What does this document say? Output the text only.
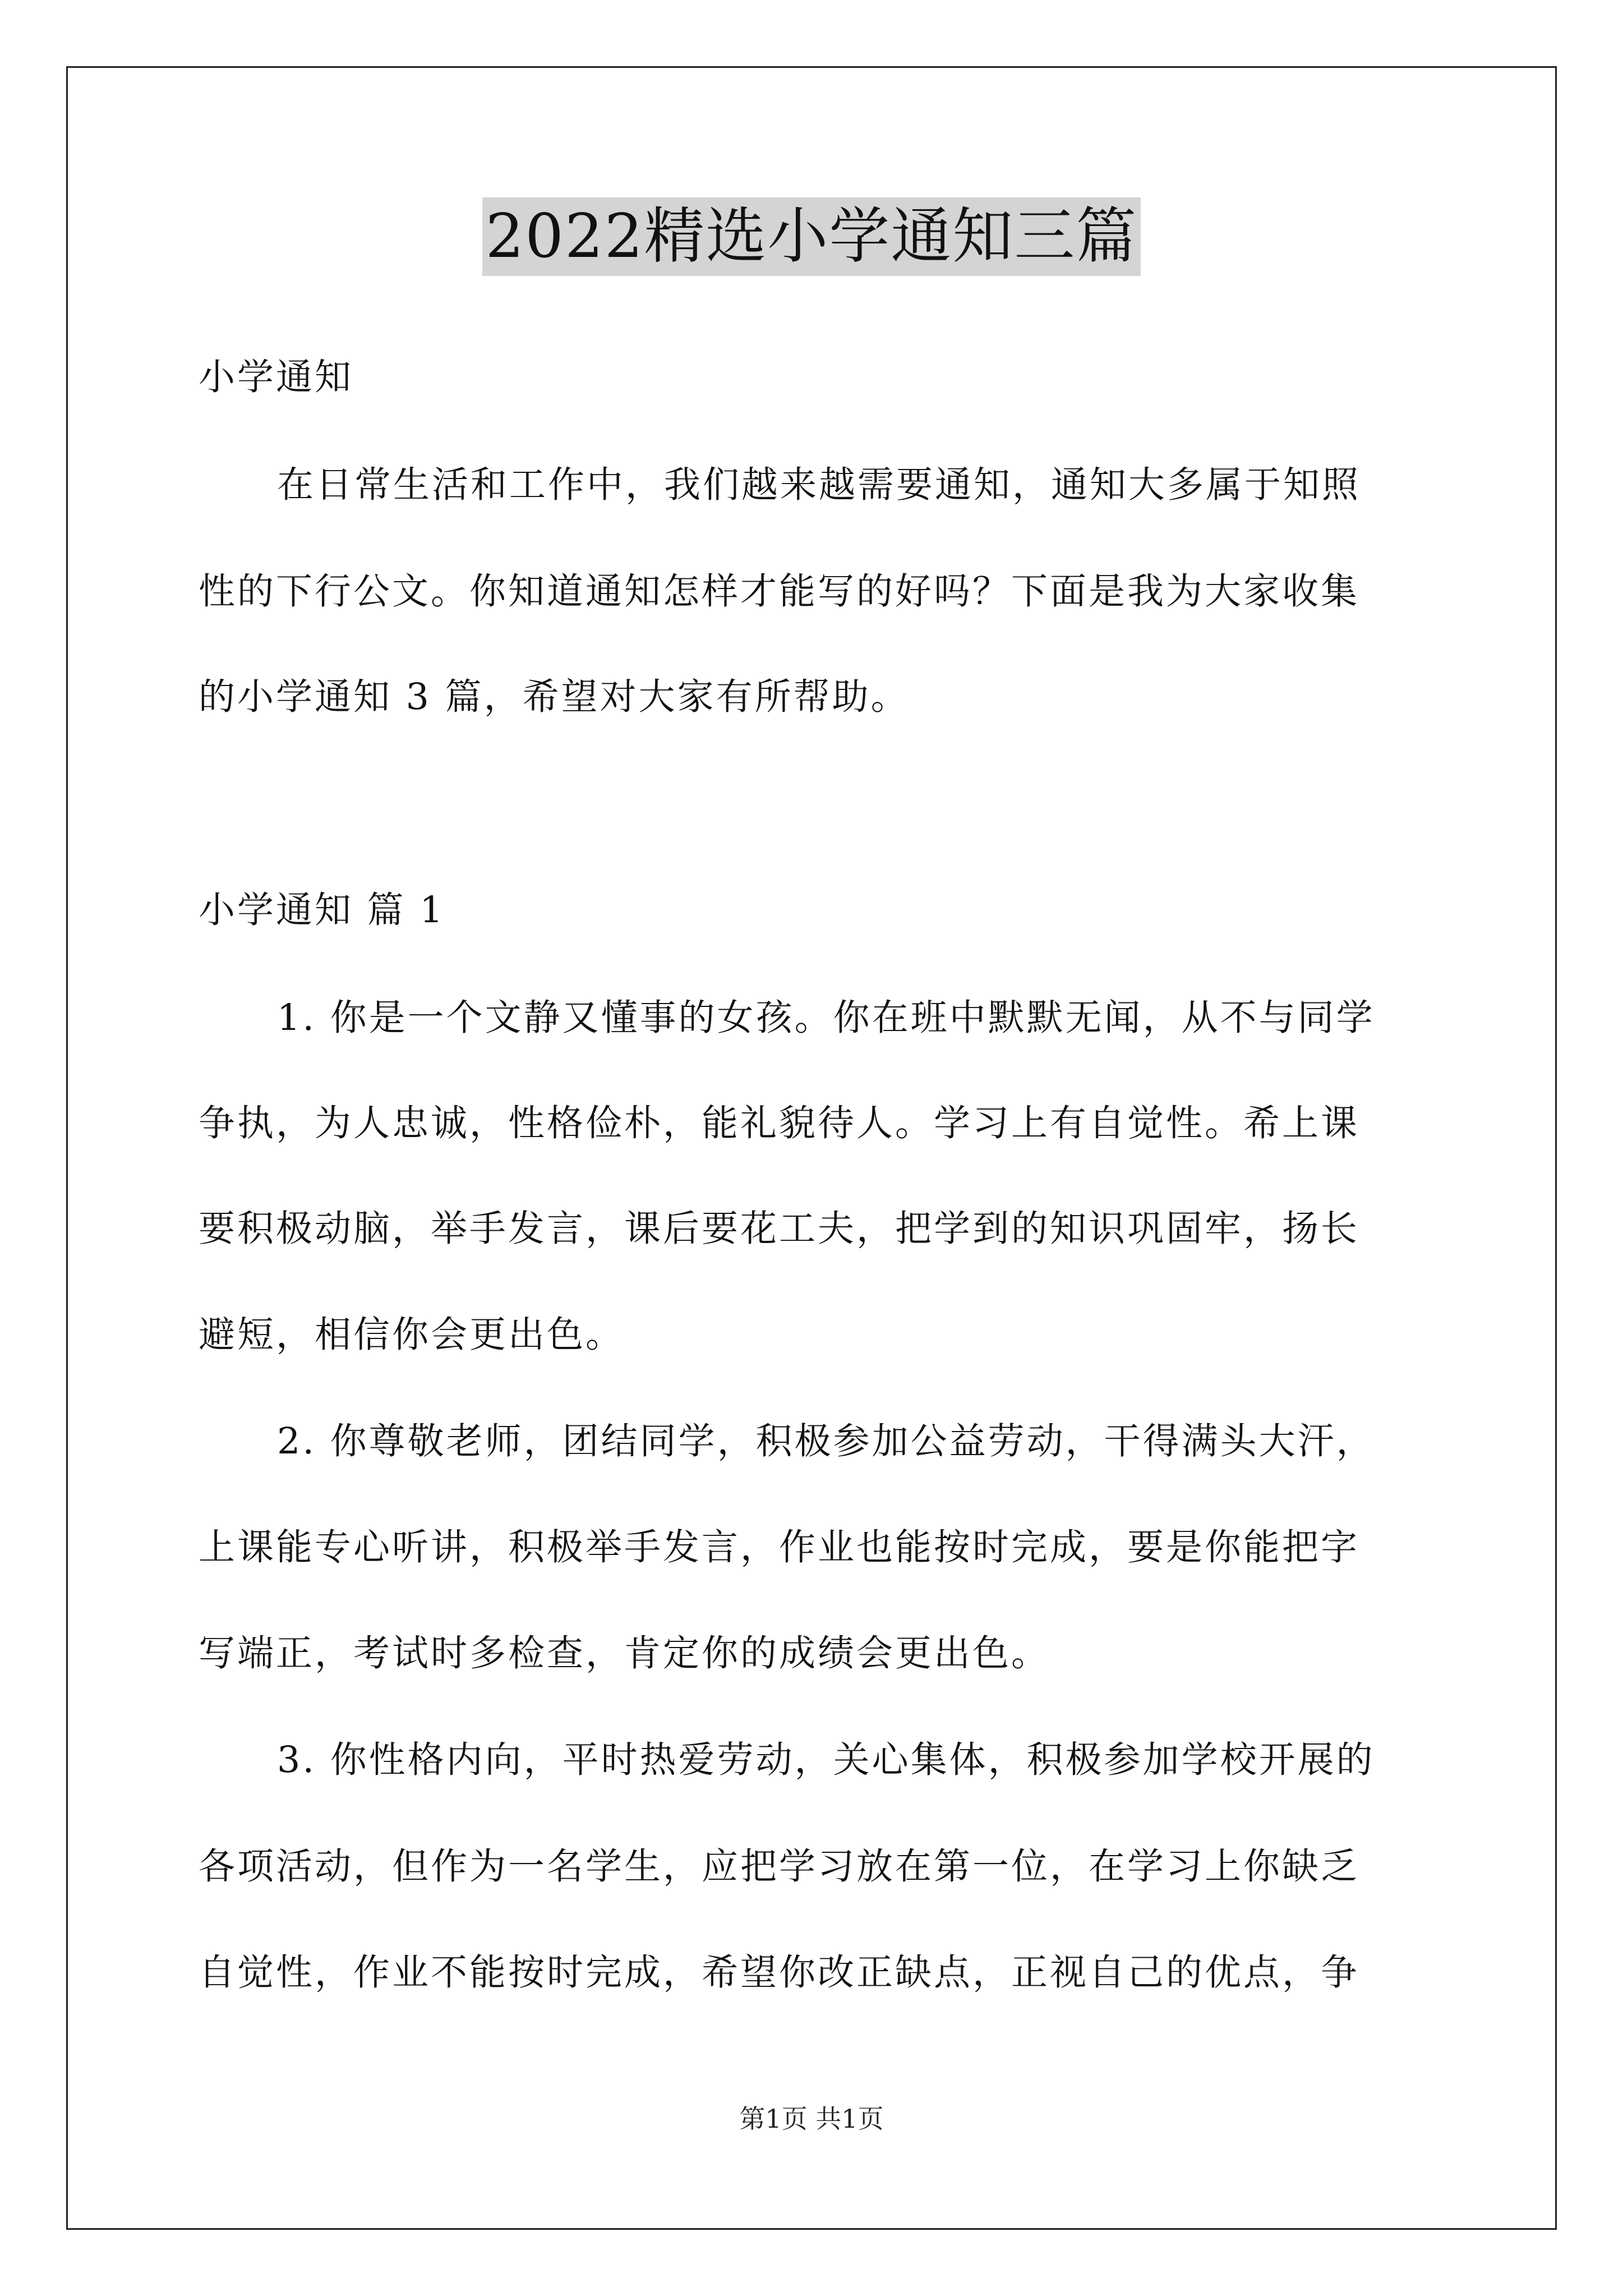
2022精选小学通知三篇
小学通知
在日常生活和工作中，我们越来越需要通知，通知大多属于知照
性的下行公文。你知道通知怎样才能写的好吗？下面是我为大家收集
的小学通知 3 篇，希望对大家有所帮助。
小学通知 篇 1
1. 你是一个文静又懂事的女孩。你在班中默默无闻，从不与同学
争执，为人忠诚，性格俭朴，能礼貌待人。学习上有自觉性。希上课
要积极动脑，举手发言，课后要花工夫，把学到的知识巩固牢，扬长
避短，相信你会更出色。
2. 你尊敬老师，团结同学，积极参加公益劳动，干得满头大汗，
上课能专心听讲，积极举手发言，作业也能按时完成，要是你能把字
写端正，考试时多检查，肯定你的成绩会更出色。
3. 你性格内向，平时热爱劳动，关心集体，积极参加学校开展的
各项活动，但作为一名学生，应把学习放在第一位，在学习上你缺乏
自觉性，作业不能按时完成，希望你改正缺点，正视自己的优点，争
第1页 共1页
